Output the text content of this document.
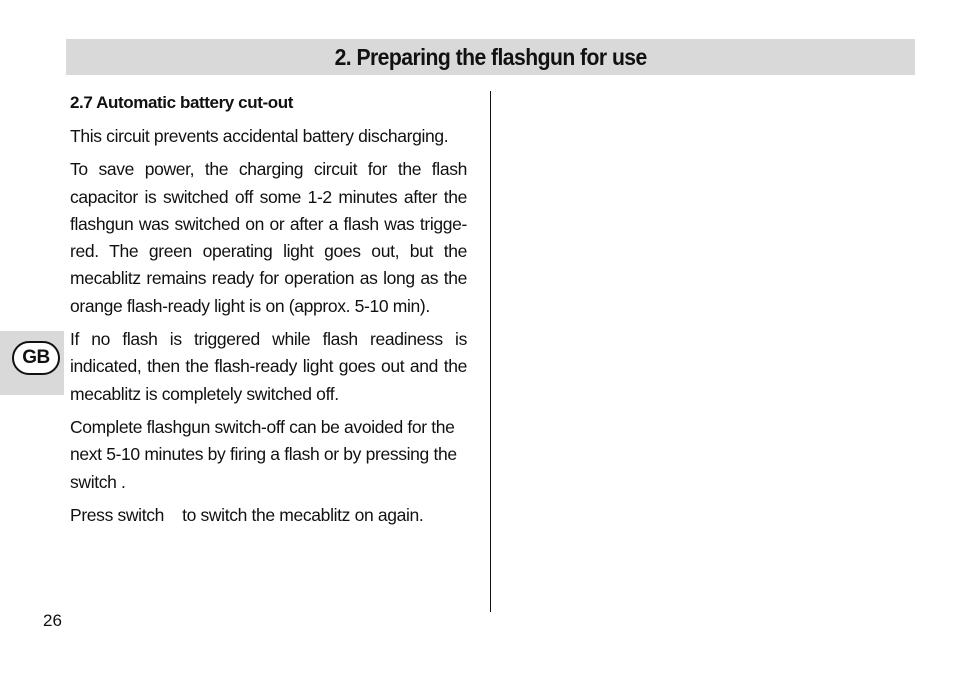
2. Preparing the flashgun for use
GB
2.7 Automatic battery cut-out

This circuit prevents accidental battery discharging.

To save power, the charging circuit for the flash capacitor is switched off some 1-2 minutes after the flashgun was switched on or after a flash was trigge-red. The green operating light goes out, but the mecablitz remains ready for operation as long as the orange flash-ready light is on (approx. 5-10 min).

If no flash is triggered while flash readiness is indicated, then the flash-ready light goes out and the mecablitz is completely switched off.

Complete flashgun switch-off can be avoided for the next 5-10 minutes by firing a flash or by pressing the switch .

Press switch    to switch the mecablitz on again.

26
